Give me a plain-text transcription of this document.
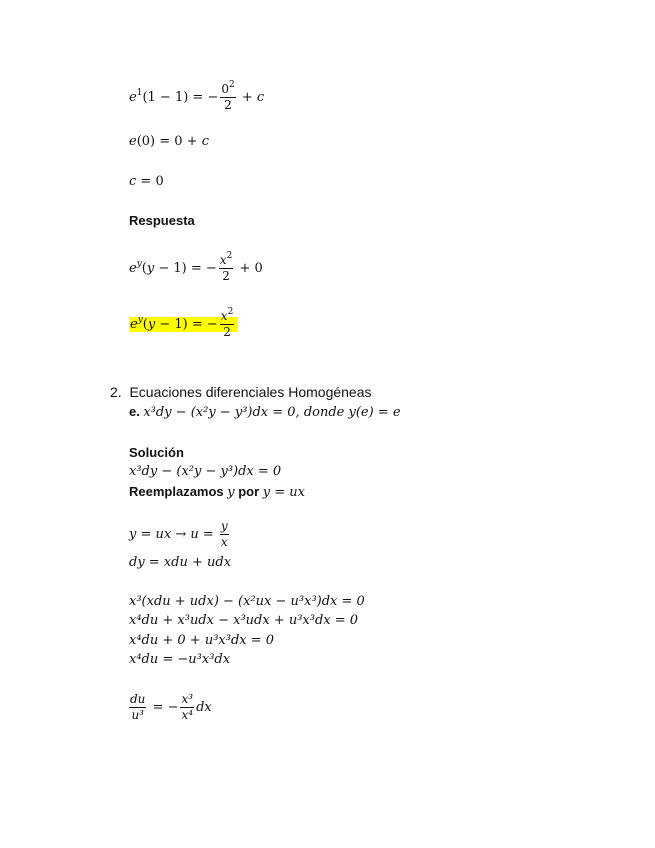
$e^1(1 - 1)$ = − $\frac{0^2}{2} + c$
e(0) = 0 + c
c = 0
Respuesta
$e^y(y - 1)$ = − $\frac{x^2}{2} + 0$
$e^y(y - 1)$ = − $\frac{x^2}{2}$
2. Ecuaciones diferenciales Homogéneas
e. x³dy − (x²y − y³)dx = 0, donde y(e) = e
Solución
x³dy − (x²y − y³)dx = 0
Reemplazamos y por y = ux
y = ux → $u = \frac{y}{x}$
dy = xdu + udx
x³(xdu + udx) − (x²ux − u³x³)dx = 0
x⁴du + x³udx − x³udx + u³x³dx = 0
x⁴du + 0 + u³x³dx = 0
x⁴du = −u³x³dx
$\frac{du}{\text{u³}}$ = − $\frac{\text{x³}}{\text{x⁴}}$ dx
